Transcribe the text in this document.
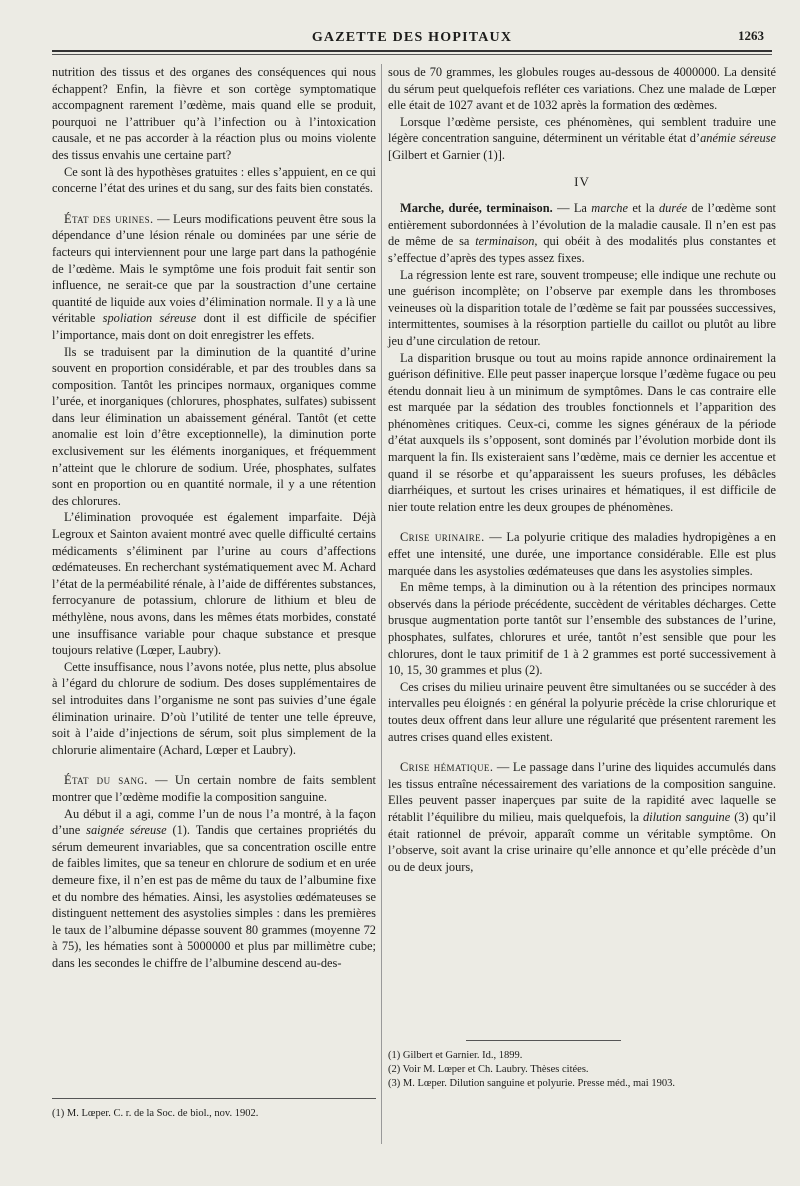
GAZETTE DES HOPITAUX	1263

nutrition des tissus et des organes des conséquences qui nous échappent? Enfin, la fièvre et son cortège symptomatique accompagnent rarement l’œdème, mais quand elle se produit, pourquoi ne l’attribuer qu’à l’infection ou à l’intoxication causale, et ne pas accorder à la réaction plus ou moins violente des tissus envahis une certaine part?

Ce sont là des hypothèses gratuites : elles s’appuient, en ce qui concerne l’état des urines et du sang, sur des faits bien constatés.

État des urines. — Leurs modifications peuvent être sous la dépendance d’une lésion rénale ou dominées par une série de facteurs qui interviennent pour une large part dans la pathogénie de l’œdème. Mais le symptôme une fois produit fait sentir son influence, ne serait-ce que par la soustraction d’une certaine quantité de liquide aux voies d’élimination normale. Il y a là une véritable spoliation séreuse dont il est difficile de spécifier l’importance, mais dont on doit enregistrer les effets.

Ils se traduisent par la diminution de la quantité d’urine souvent en proportion considérable, et par des troubles dans sa composition. Tantôt les principes normaux, organiques comme l’urée, et inorganiques (chlorures, phosphates, sulfates) subissent dans leur élimination un abaissement général. Tantôt (et cette anomalie est loin d’être exceptionnelle), la diminution porte exclusivement sur les éléments inorganiques, et fréquemment n’atteint que le chlorure de sodium. Urée, phosphates, sulfates sont en proportion ou en quantité normale, il y a une rétention des chlorures.

L’élimination provoquée est également imparfaite. Déjà Legroux et Sainton avaient montré avec quelle difficulté certains médicaments s’éliminent par l’urine au cours d’affections œdémateuses. En recherchant systématiquement avec M. Achard l’état de la perméabilité rénale, à l’aide de différentes substances, ferrocyanure de potassium, chlorure de lithium et bleu de méthylène, nous avons, dans les mêmes états morbides, constaté une insuffisance variable pour chaque substance et presque toujours relative (Lœper, Laubry).

Cette insuffisance, nous l’avons notée, plus nette, plus absolue à l’égard du chlorure de sodium. Des doses supplémentaires de sel introduites dans l’organisme ne sont pas suivies d’une égale élimination urinaire. D’où l’utilité de tenter une telle épreuve, soit à l’aide d’injections de sérum, soit plus simplement de la chlorurie alimentaire (Achard, Lœper et Laubry).

État du sang. — Un certain nombre de faits semblent montrer que l’œdème modifie la composition sanguine.

Au début il a agi, comme l’un de nous l’a montré, à la façon d’une saignée séreuse (1). Tandis que certaines propriétés du sérum demeurent invariables, que sa concentration oscille entre de faibles limites, que sa teneur en chlorure de sodium et en urée demeure fixe, il n’en est pas de même du taux de l’albumine fixe et du nombre des hématies. Ainsi, les asystolies œdémateuses se distinguent nettement des asystolies simples : dans les premières le taux de l’albumine dépasse souvent 80 grammes (moyenne 72 à 75), les hématies sont à 5000000 et plus par millimètre cube; dans les secondes le chiffre de l’albumine descend au-des-

(1) M. Lœper. C. r. de la Soc. de biol., nov. 1902.

sous de 70 grammes, les globules rouges au-dessous de 4000000. La densité du sérum peut quelquefois refléter ces variations. Chez une malade de Lœper elle était de 1027 avant et de 1032 après la formation des œdèmes.

Lorsque l’œdème persiste, ces phénomènes, qui semblent traduire une légère concentration sanguine, déterminent un véritable état d’anémie séreuse [Gilbert et Garnier (1)].

IV

Marche, durée, terminaison. — La marche et la durée de l’œdème sont entièrement subordonnées à l’évolution de la maladie causale. Il n’en est pas de même de sa terminaison, qui obéit à des modalités plus constantes et s’effectue d’après des types assez fixes.

La régression lente est rare, souvent trompeuse; elle indique une rechute ou une guérison incomplète; on l’observe par exemple dans les thromboses veineuses où la disparition totale de l’œdème se fait par poussées successives, intermittentes, soumises à la résorption partielle du caillot ou plutôt au libre jeu d’une circulation de retour.

La disparition brusque ou tout au moins rapide annonce ordinairement la guérison définitive. Elle peut passer inaperçue lorsque l’œdème fugace ou peu étendu donnait lieu à un minimum de symptômes. Dans le cas contraire elle est marquée par la sédation des troubles fonctionnels et l’apparition des phénomènes critiques. Ceux-ci, comme les signes généraux de la période d’état auxquels ils s’opposent, sont dominés par l’évolution morbide dont ils marquent la fin. Ils existeraient sans l’œdème, mais ce dernier les accentue et quand il se résorbe et qu’apparaissent les sueurs profuses, les débâcles diarrhéiques, et surtout les crises urinaires et hématiques, il est difficile de nier toute relation entre les deux groupes de phénomènes.

Crise urinaire. — La polyurie critique des maladies hydropigènes a en effet une intensité, une durée, une importance considérable. Elle est plus marquée dans les asystolies œdémateuses que dans les asystolies simples.

En même temps, à la diminution ou à la rétention des principes normaux observés dans la période précédente, succèdent de véritables décharges. Cette brusque augmentation porte tantôt sur l’ensemble des substances de l’urine, phosphates, sulfates, chlorures et urée, tantôt n’est sensible que pour les chlorures, dont le taux primitif de 1 à 2 grammes est porté successivement à 10, 15, 30 grammes et plus (2).

Ces crises du milieu urinaire peuvent être simultanées ou se succéder à des intervalles peu éloignés : en général la polyurie précède la crise chlorurique et toutes deux offrent dans leur allure une régularité que présentent rarement les autres crises quand elles existent.

Crise hématique. — Le passage dans l’urine des liquides accumulés dans les tissus entraîne nécessairement des variations de la composition sanguine. Elles peuvent passer inaperçues par suite de la rapidité avec laquelle se rétablit l’équilibre du milieu, mais quelquefois, la dilution sanguine (3) qu’il était rationnel de prévoir, apparaît comme un véritable symptôme. On l’observe, soit avant la crise urinaire qu’elle annonce et qu’elle précède d’un ou de deux jours,

(1) Gilbert et Garnier. Id., 1899.

(2) Voir M. Lœper et Ch. Laubry. Thèses citées.

(3) M. Lœper. Dilution sanguine et polyurie. Presse méd., mai 1903.
